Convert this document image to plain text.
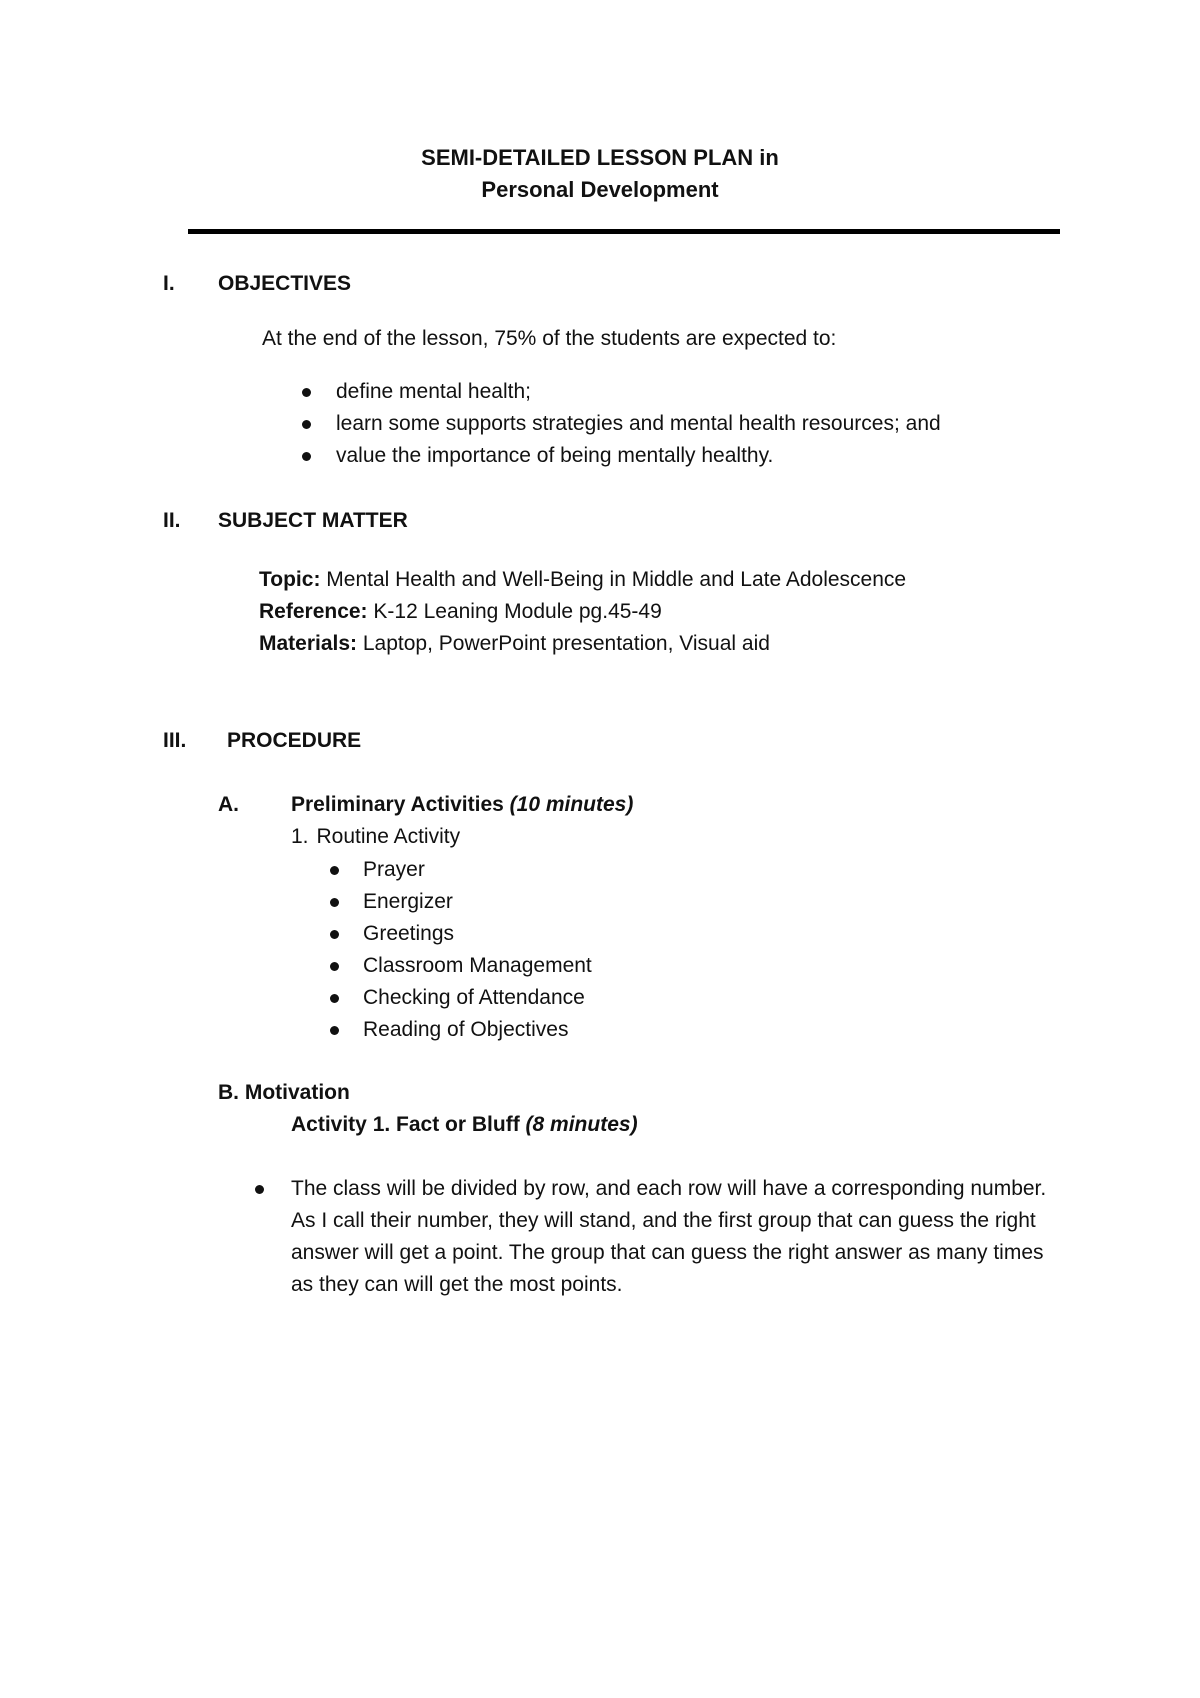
SEMI-DETAILED LESSON PLAN in
Personal Development
I. OBJECTIVES
At the end of the lesson, 75% of the students are expected to:
define mental health;
learn some supports strategies and mental health resources; and
value the importance of being mentally healthy.
II. SUBJECT MATTER
Topic: Mental Health and Well-Being in Middle and Late Adolescence
Reference: K-12 Leaning Module pg.45-49
Materials: Laptop, PowerPoint presentation, Visual aid
III. PROCEDURE
A. Preliminary Activities (10 minutes)
1. Routine Activity
Prayer
Energizer
Greetings
Classroom Management
Checking of Attendance
Reading of Objectives
B. Motivation
Activity 1. Fact or Bluff (8 minutes)
The class will be divided by row, and each row will have a corresponding number. As I call their number, they will stand, and the first group that can guess the right answer will get a point. The group that can guess the right answer as many times as they can will get the most points.
